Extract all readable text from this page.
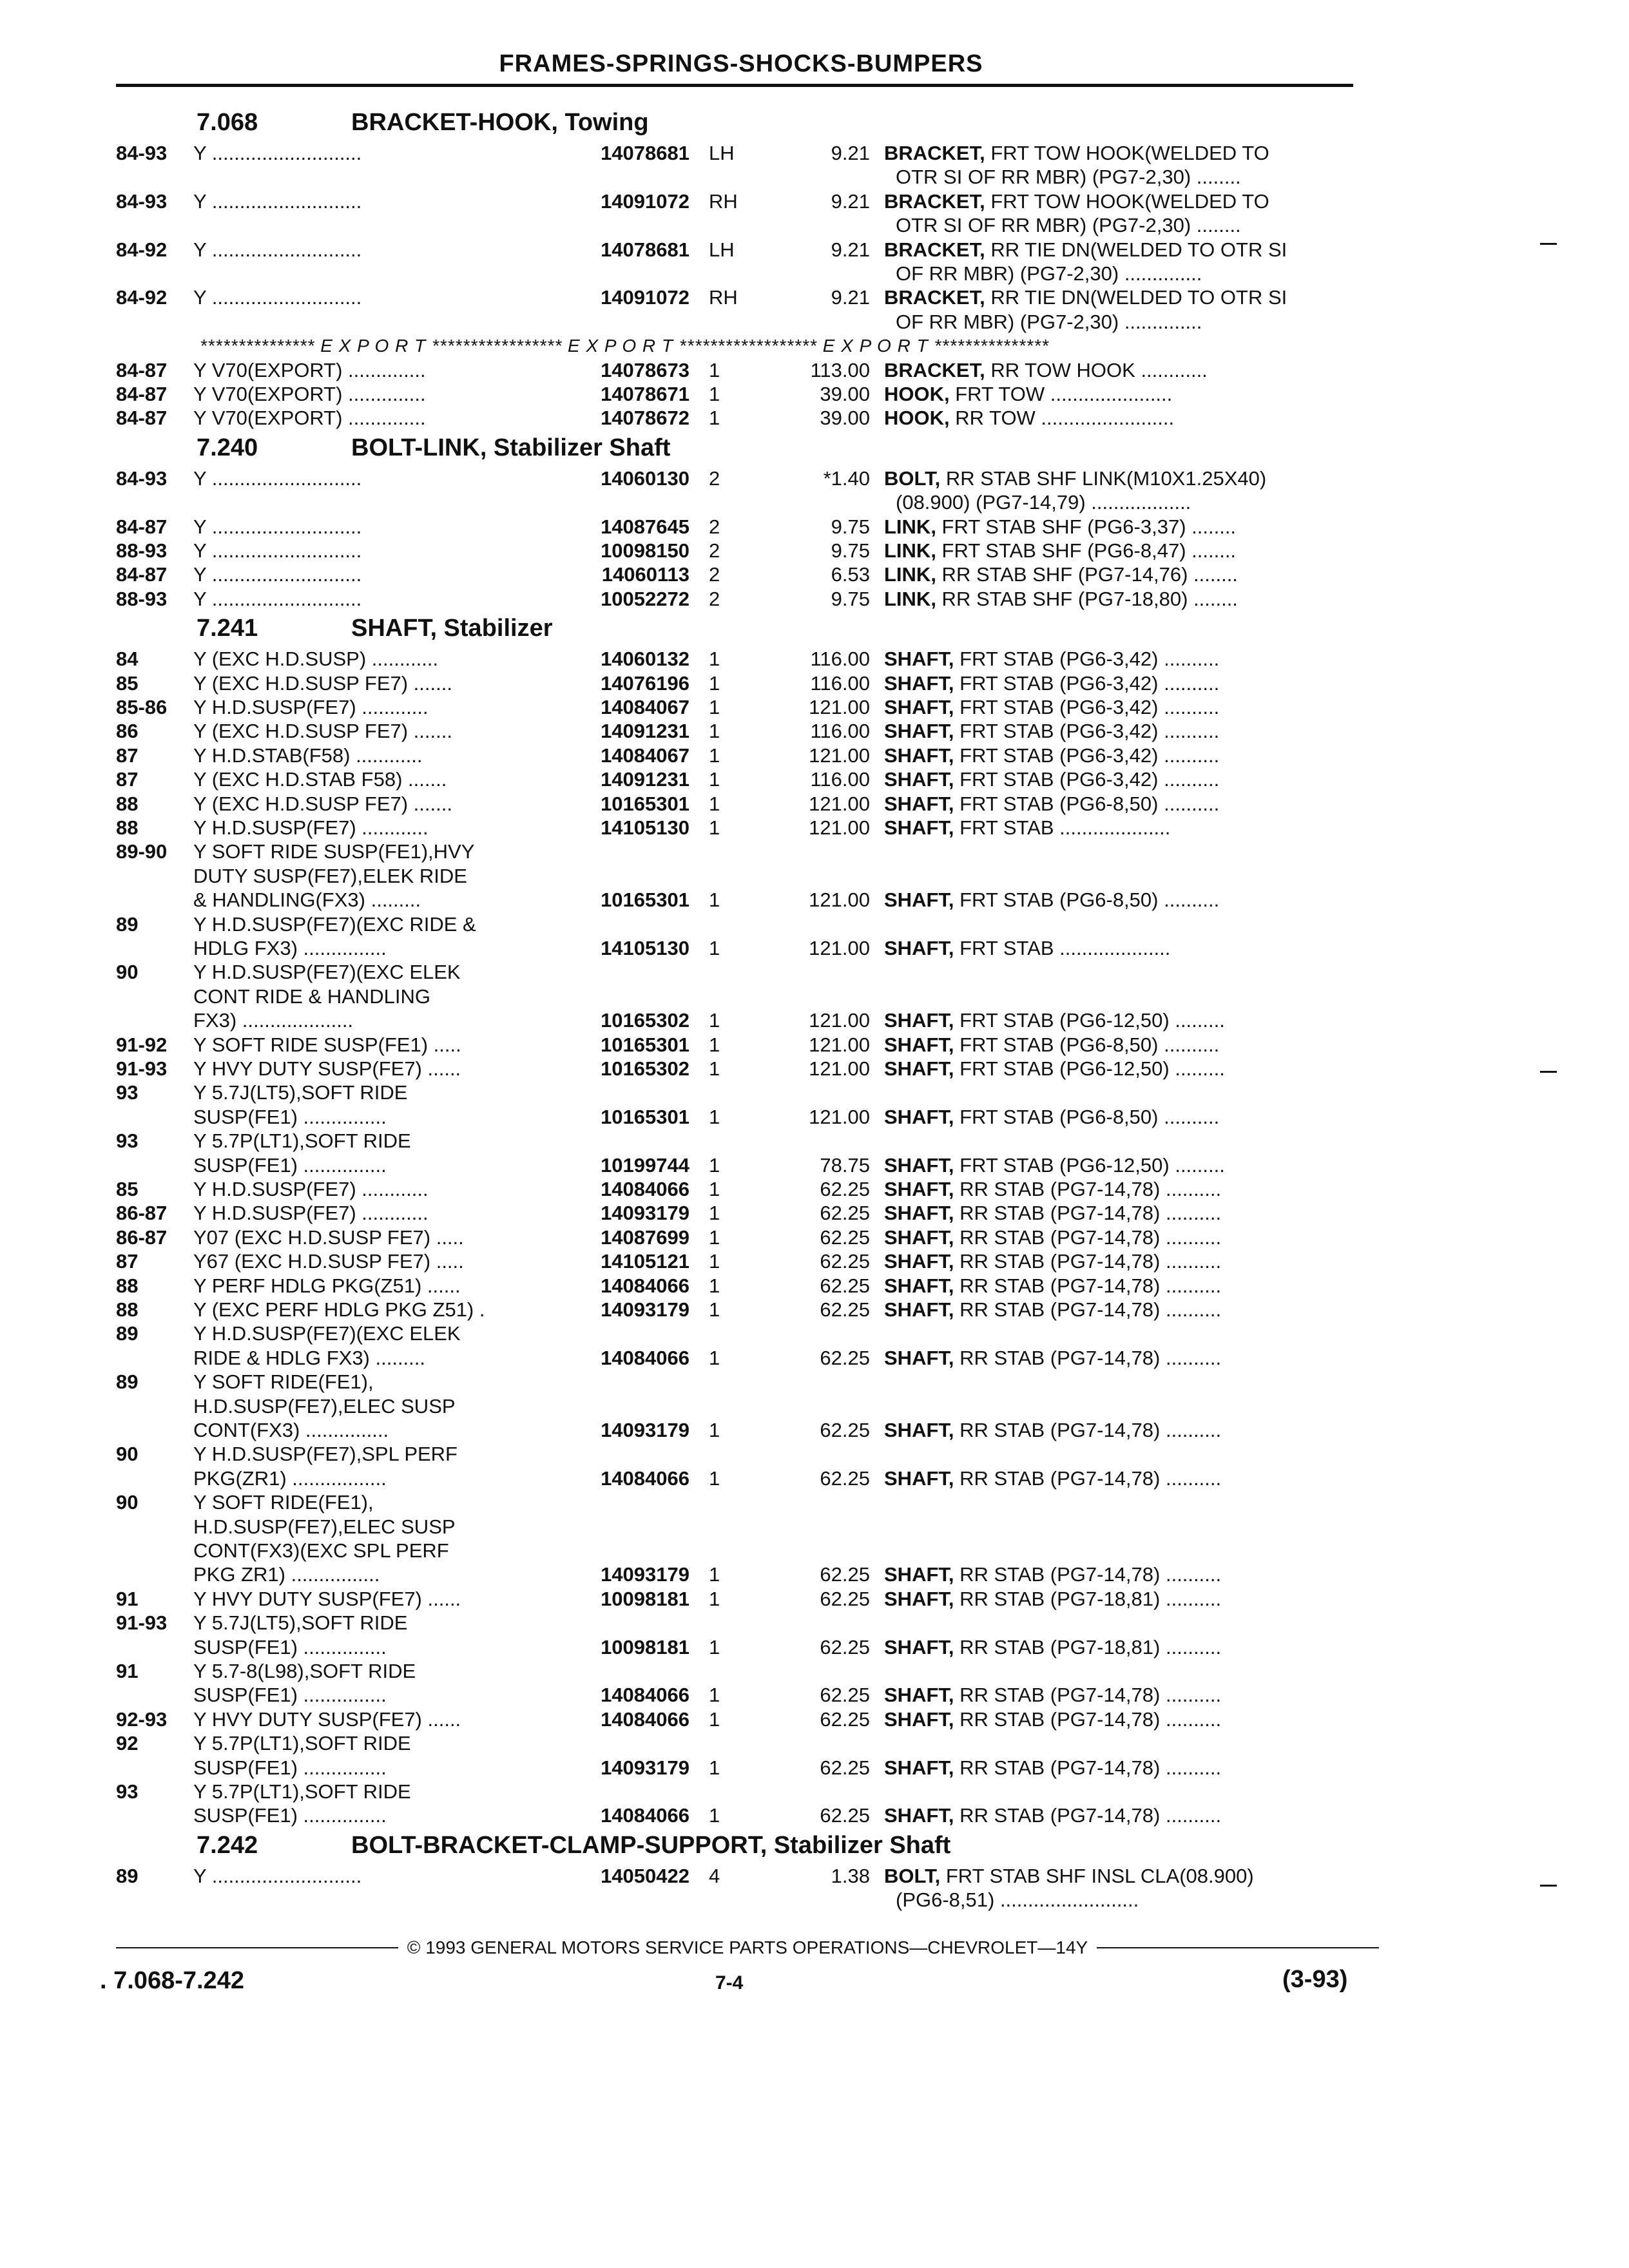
FRAMES-SPRINGS-SHOCKS-BUMPERS
7.068	BRACKET-HOOK, Towing
84-93 Y ...........................	14078681 LH	9.21 BRACKET, FRT TOW HOOK(WELDED TO
OTR SI OF RR MBR) (PG7-2,30) ........
84-93 Y ...........................	14091072 RH	9.21 BRACKET, FRT TOW HOOK(WELDED TO
OTR SI OF RR MBR) (PG7-2,30) ........
84-92 Y ...........................	14078681 LH	9.21 BRACKET, RR TIE DN(WELDED TO OTR SI
OF RR MBR) (PG7-2,30) ..............
84-92 Y ...........................	14091072 RH	9.21 BRACKET, RR TIE DN(WELDED TO OTR SI
OF RR MBR) (PG7-2,30) ..............
*************** E X P O R T ***************** E X P O R T ****************** E X P O R T ***************
84-87 Y V70(EXPORT) ..............	14078673 1	113.00 BRACKET, RR TOW HOOK ............
84-87 Y V70(EXPORT) ..............	14078671 1	39.00 HOOK, FRT TOW ......................
84-87 Y V70(EXPORT) ..............	14078672 1	39.00 HOOK, RR TOW ........................
7.240	BOLT-LINK, Stabilizer Shaft
84-93 Y ...........................	14060130 2	*1.40 BOLT, RR STAB SHF LINK(M10X1.25X40)
(08.900) (PG7-14,79) ..................
84-87 Y ...........................	14087645 2	9.75 LINK, FRT STAB SHF (PG6-3,37) ........
88-93 Y ...........................	10098150 2	9.75 LINK, FRT STAB SHF (PG6-8,47) ........
84-87 Y ...........................	14060113 2	6.53 LINK, RR STAB SHF (PG7-14,76) ........
88-93 Y ...........................	10052272 2	9.75 LINK, RR STAB SHF (PG7-18,80) ........
7.241	SHAFT, Stabilizer
84	Y (EXC H.D.SUSP) ............	14060132 1	116.00 SHAFT, FRT STAB (PG6-3,42) ..........
85	Y (EXC H.D.SUSP FE7) .......	14076196 1	116.00 SHAFT, FRT STAB (PG6-3,42) ..........
85-86 Y H.D.SUSP(FE7) ............	14084067 1	121.00 SHAFT, FRT STAB (PG6-3,42) ..........
86	Y (EXC H.D.SUSP FE7) .......	14091231 1	116.00 SHAFT, FRT STAB (PG6-3,42) ..........
87	Y H.D.STAB(F58) ............	14084067 1	121.00 SHAFT, FRT STAB (PG6-3,42) ..........
87	Y (EXC H.D.STAB F58) .......	14091231 1	116.00 SHAFT, FRT STAB (PG6-3,42) ..........
88	Y (EXC H.D.SUSP FE7) .......	10165301 1	121.00 SHAFT, FRT STAB (PG6-8,50) ..........
88	Y H.D.SUSP(FE7) ............	14105130 1	121.00 SHAFT, FRT STAB ....................
89-90 Y SOFT RIDE SUSP(FE1),HVY
DUTY SUSP(FE7),ELEK RIDE
& HANDLING(FX3) .........	10165301 1	121.00 SHAFT, FRT STAB (PG6-8,50) ..........
89	Y H.D.SUSP(FE7)(EXC RIDE &
HDLG FX3) ...............	14105130 1	121.00 SHAFT, FRT STAB ....................
90	Y H.D.SUSP(FE7)(EXC ELEK
CONT RIDE & HANDLING
FX3) ....................	10165302 1	121.00 SHAFT, FRT STAB (PG6-12,50) .........
91-92 Y SOFT RIDE SUSP(FE1) .....	10165301 1	121.00 SHAFT, FRT STAB (PG6-8,50) ..........
91-93 Y HVY DUTY SUSP(FE7) ......	10165302 1	121.00 SHAFT, FRT STAB (PG6-12,50) .........
93	Y 5.7J(LT5),SOFT RIDE
SUSP(FE1) ...............	10165301 1	121.00 SHAFT, FRT STAB (PG6-8,50) ..........
93	Y 5.7P(LT1),SOFT RIDE
SUSP(FE1) ...............	10199744 1	78.75 SHAFT, FRT STAB (PG6-12,50) .........
85	Y H.D.SUSP(FE7) ............	14084066 1	62.25 SHAFT, RR STAB (PG7-14,78) ..........
86-87 Y H.D.SUSP(FE7) ............	14093179 1	62.25 SHAFT, RR STAB (PG7-14,78) ..........
86-87 Y07 (EXC H.D.SUSP FE7) .....	14087699 1	62.25 SHAFT, RR STAB (PG7-14,78) ..........
87	Y67 (EXC H.D.SUSP FE7) .....	14105121 1	62.25 SHAFT, RR STAB (PG7-14,78) ..........
88	Y PERF HDLG PKG(Z51) ......	14084066 1	62.25 SHAFT, RR STAB (PG7-14,78) ..........
88	Y (EXC PERF HDLG PKG Z51) .	14093179 1	62.25 SHAFT, RR STAB (PG7-14,78) ..........
89	Y H.D.SUSP(FE7)(EXC ELEK
RIDE & HDLG FX3) .........	14084066 1	62.25 SHAFT, RR STAB (PG7-14,78) ..........
89	Y SOFT RIDE(FE1),
H.D.SUSP(FE7),ELEC SUSP
CONT(FX3) ...............	14093179 1	62.25 SHAFT, RR STAB (PG7-14,78) ..........
90	Y H.D.SUSP(FE7),SPL PERF
PKG(ZR1) .................	14084066 1	62.25 SHAFT, RR STAB (PG7-14,78) ..........
90	Y SOFT RIDE(FE1),
H.D.SUSP(FE7),ELEC SUSP
CONT(FX3)(EXC SPL PERF
PKG ZR1) ................	14093179 1	62.25 SHAFT, RR STAB (PG7-14,78) ..........
91	Y HVY DUTY SUSP(FE7) ......	10098181 1	62.25 SHAFT, RR STAB (PG7-18,81) ..........
91-93 Y 5.7J(LT5),SOFT RIDE
SUSP(FE1) ...............	10098181 1	62.25 SHAFT, RR STAB (PG7-18,81) ..........
91	Y 5.7-8(L98),SOFT RIDE
SUSP(FE1) ...............	14084066 1	62.25 SHAFT, RR STAB (PG7-14,78) ..........
92-93 Y HVY DUTY SUSP(FE7) ......	14084066 1	62.25 SHAFT, RR STAB (PG7-14,78) ..........
92	Y 5.7P(LT1),SOFT RIDE
SUSP(FE1) ...............	14093179 1	62.25 SHAFT, RR STAB (PG7-14,78) ..........
93	Y 5.7P(LT1),SOFT RIDE
SUSP(FE1) ...............	14084066 1	62.25 SHAFT, RR STAB (PG7-14,78) ..........
7.242	BOLT-BRACKET-CLAMP-SUPPORT, Stabilizer Shaft
89	Y ...........................	14050422 4	1.38 BOLT, FRT STAB SHF INSL CLA(08.900)
(PG6-8,51) .........................
© 1993 GENERAL MOTORS SERVICE PARTS OPERATIONS—CHEVROLET—14Y
. 7.068-7.242	7-4	(3-93)
